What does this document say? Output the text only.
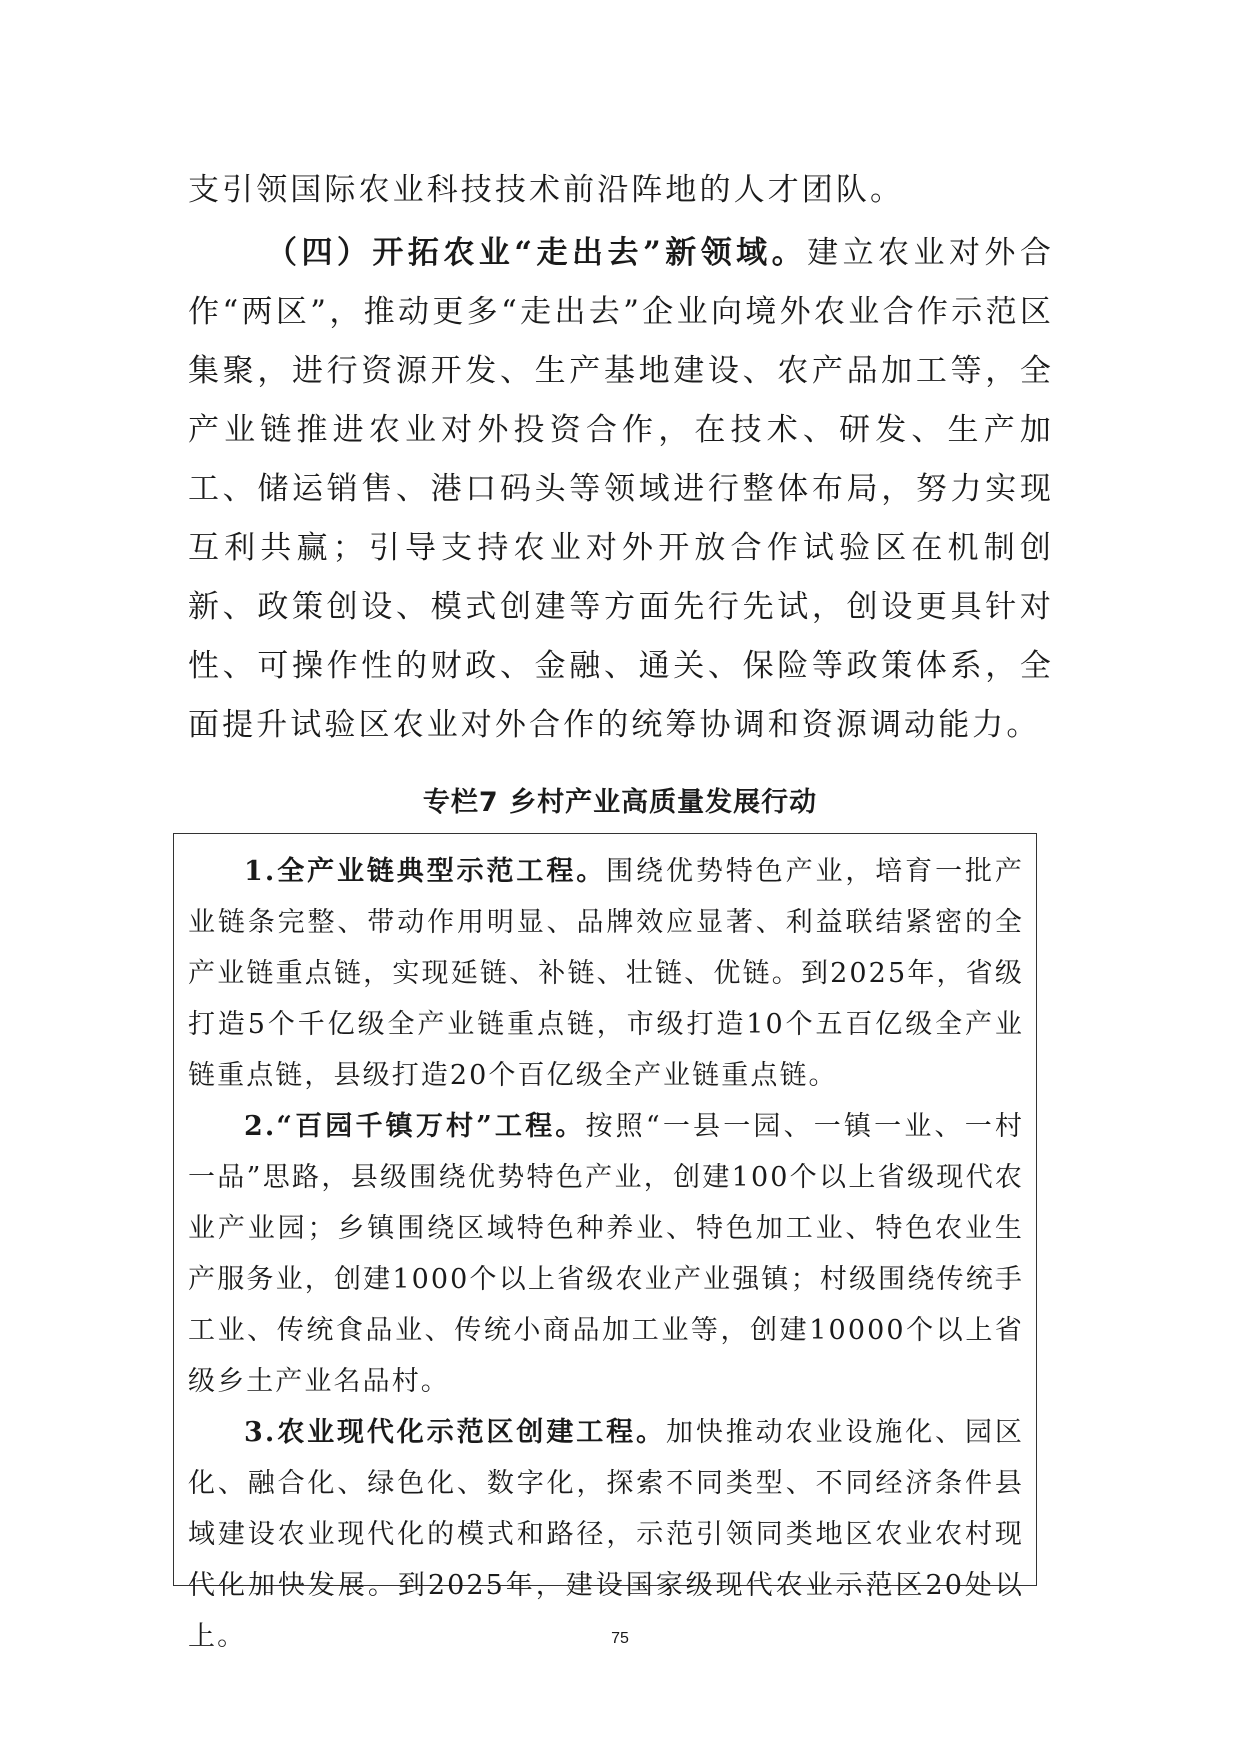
支引领国际农业科技技术前沿阵地的人才团队。

（四）开拓农业“走出去”新领域。建立农业对外合作“两区”，推动更多“走出去”企业向境外农业合作示范区集聚，进行资源开发、生产基地建设、农产品加工等，全产业链推进农业对外投资合作，在技术、研发、生产加工、储运销售、港口码头等领域进行整体布局，努力实现互利共赢；引导支持农业对外开放合作试验区在机制创新、政策创设、模式创建等方面先行先试，创设更具针对性、可操作性的财政、金融、通关、保险等政策体系，全面提升试验区农业对外合作的统筹协调和资源调动能力。

专栏7 乡村产业高质量发展行动

1.全产业链典型示范工程。围绕优势特色产业，培育一批产业链条完整、带动作用明显、品牌效应显著、利益联结紧密的全产业链重点链，实现延链、补链、壮链、优链。到2025年，省级打造5个千亿级全产业链重点链，市级打造10个五百亿级全产业链重点链，县级打造20个百亿级全产业链重点链。

2.“百园千镇万村”工程。按照“一县一园、一镇一业、一村一品”思路，县级围绕优势特色产业，创建100个以上省级现代农业产业园；乡镇围绕区域特色种养业、特色加工业、特色农业生产服务业，创建1000个以上省级农业产业强镇；村级围绕传统手工业、传统食品业、传统小商品加工业等，创建10000个以上省级乡土产业名品村。

3.农业现代化示范区创建工程。加快推动农业设施化、园区化、融合化、绿色化、数字化，探索不同类型、不同经济条件县域建设农业现代化的模式和路径，示范引领同类地区农业农村现代化加快发展。到2025年，建设国家级现代农业示范区20处以上。	75
